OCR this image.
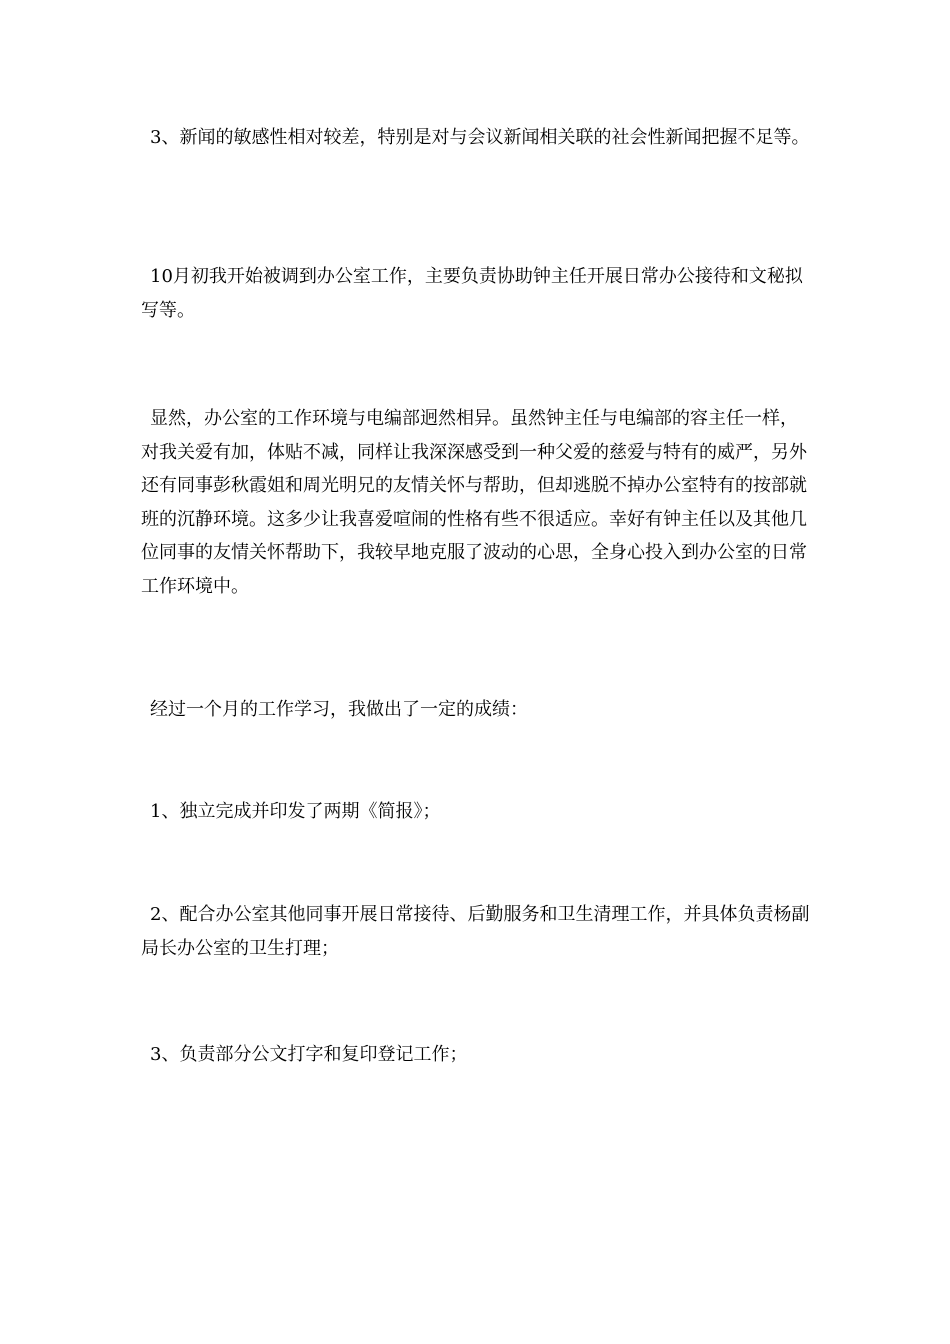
3、新闻的敏感性相对较差，特别是对与会议新闻相关联的社会性新闻把握不足等。

10月初我开始被调到办公室工作，主要负责协助钟主任开展日常办公接待和文秘拟写等。

显然，办公室的工作环境与电编部迥然相异。虽然钟主任与电编部的容主任一样，对我关爱有加，体贴不减，同样让我深深感受到一种父爱的慈爱与特有的威严，另外还有同事彭秋霞姐和周光明兄的友情关怀与帮助，但却逃脱不掉办公室特有的按部就班的沉静环境。这多少让我喜爱喧闹的性格有些不很适应。幸好有钟主任以及其他几位同事的友情关怀帮助下，我较早地克服了波动的心思，全身心投入到办公室的日常工作环境中。

经过一个月的工作学习，我做出了一定的成绩：

1、独立完成并印发了两期《简报》；

2、配合办公室其他同事开展日常接待、后勤服务和卫生清理工作，并具体负责杨副局长办公室的卫生打理；

3、负责部分公文打字和复印登记工作；
